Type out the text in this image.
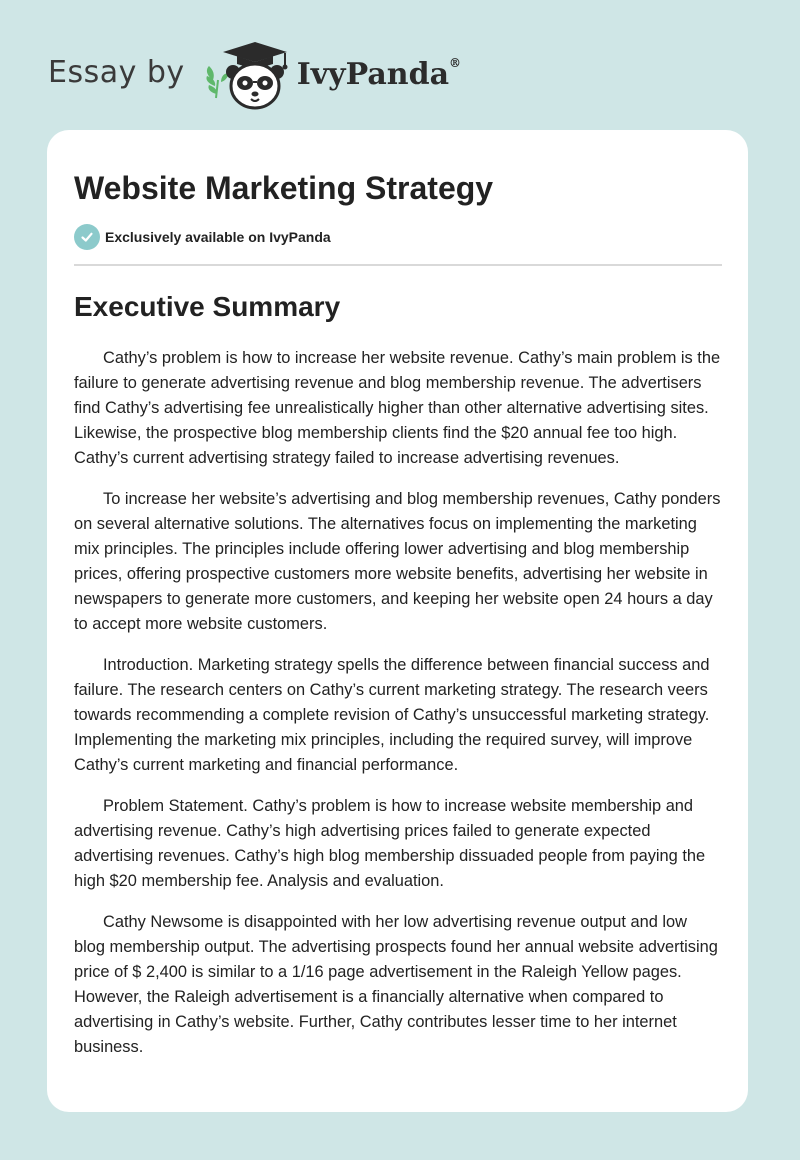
Essay by	IvyPanda®
Website Marketing Strategy
Exclusively available on IvyPanda
Executive Summary

Cathy’s problem is how to increase her website revenue. Cathy’s main problem is the failure to generate advertising revenue and blog membership revenue. The advertisers find Cathy’s advertising fee unrealistically higher than other alternative advertising sites. Likewise, the prospective blog membership clients find the $20 annual fee too high. Cathy’s current advertising strategy failed to increase advertising revenues.

To increase her website’s advertising and blog membership revenues, Cathy ponders on several alternative solutions. The alternatives focus on implementing the marketing mix principles. The principles include offering lower advertising and blog membership prices, offering prospective customers more website benefits, advertising her website in newspapers to generate more customers, and keeping her website open 24 hours a day to accept more website customers.

Introduction. Marketing strategy spells the difference between financial success and failure. The research centers on Cathy’s current marketing strategy. The research veers towards recommending a complete revision of Cathy’s unsuccessful marketing strategy. Implementing the marketing mix principles, including the required survey, will improve Cathy’s current marketing and financial performance.

Problem Statement. Cathy’s problem is how to increase website membership and advertising revenue. Cathy’s high advertising prices failed to generate expected advertising revenues. Cathy’s high blog membership dissuaded people from paying the high $20 membership fee. Analysis and evaluation.

Cathy Newsome is disappointed with her low advertising revenue output and low blog membership output. The advertising prospects found her annual website advertising price of $ 2,400 is similar to a 1/16 page advertisement in the Raleigh Yellow pages. However, the Raleigh advertisement is a financially alternative when compared to advertising in Cathy’s website. Further, Cathy contributes lesser time to her internet business.
